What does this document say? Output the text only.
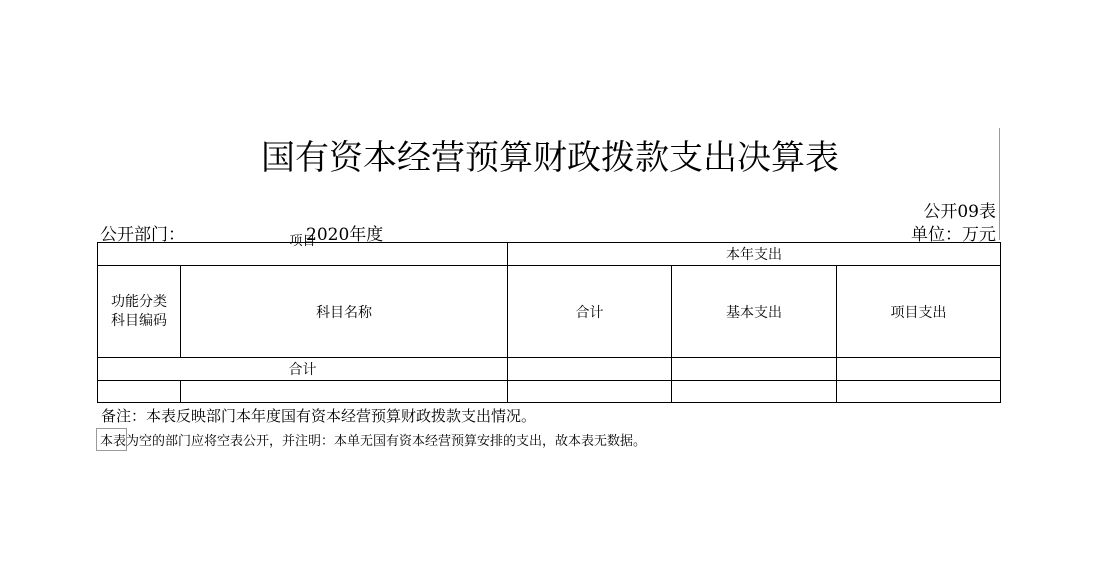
国有资本经营预算财政拨款支出决算表
公开09表
公开部门：	2020年度	单位：万元
项目		本年支出		

功能分类科目编码	科目名称	合计	基本支出	项目支出
合计				

备注：本表反映部门本年度国有资本经营预算财政拨款支出情况。
本表为空的部门应将空表公开，并注明：本单无国有资本经营预算安排的支出，故本表无数据。
